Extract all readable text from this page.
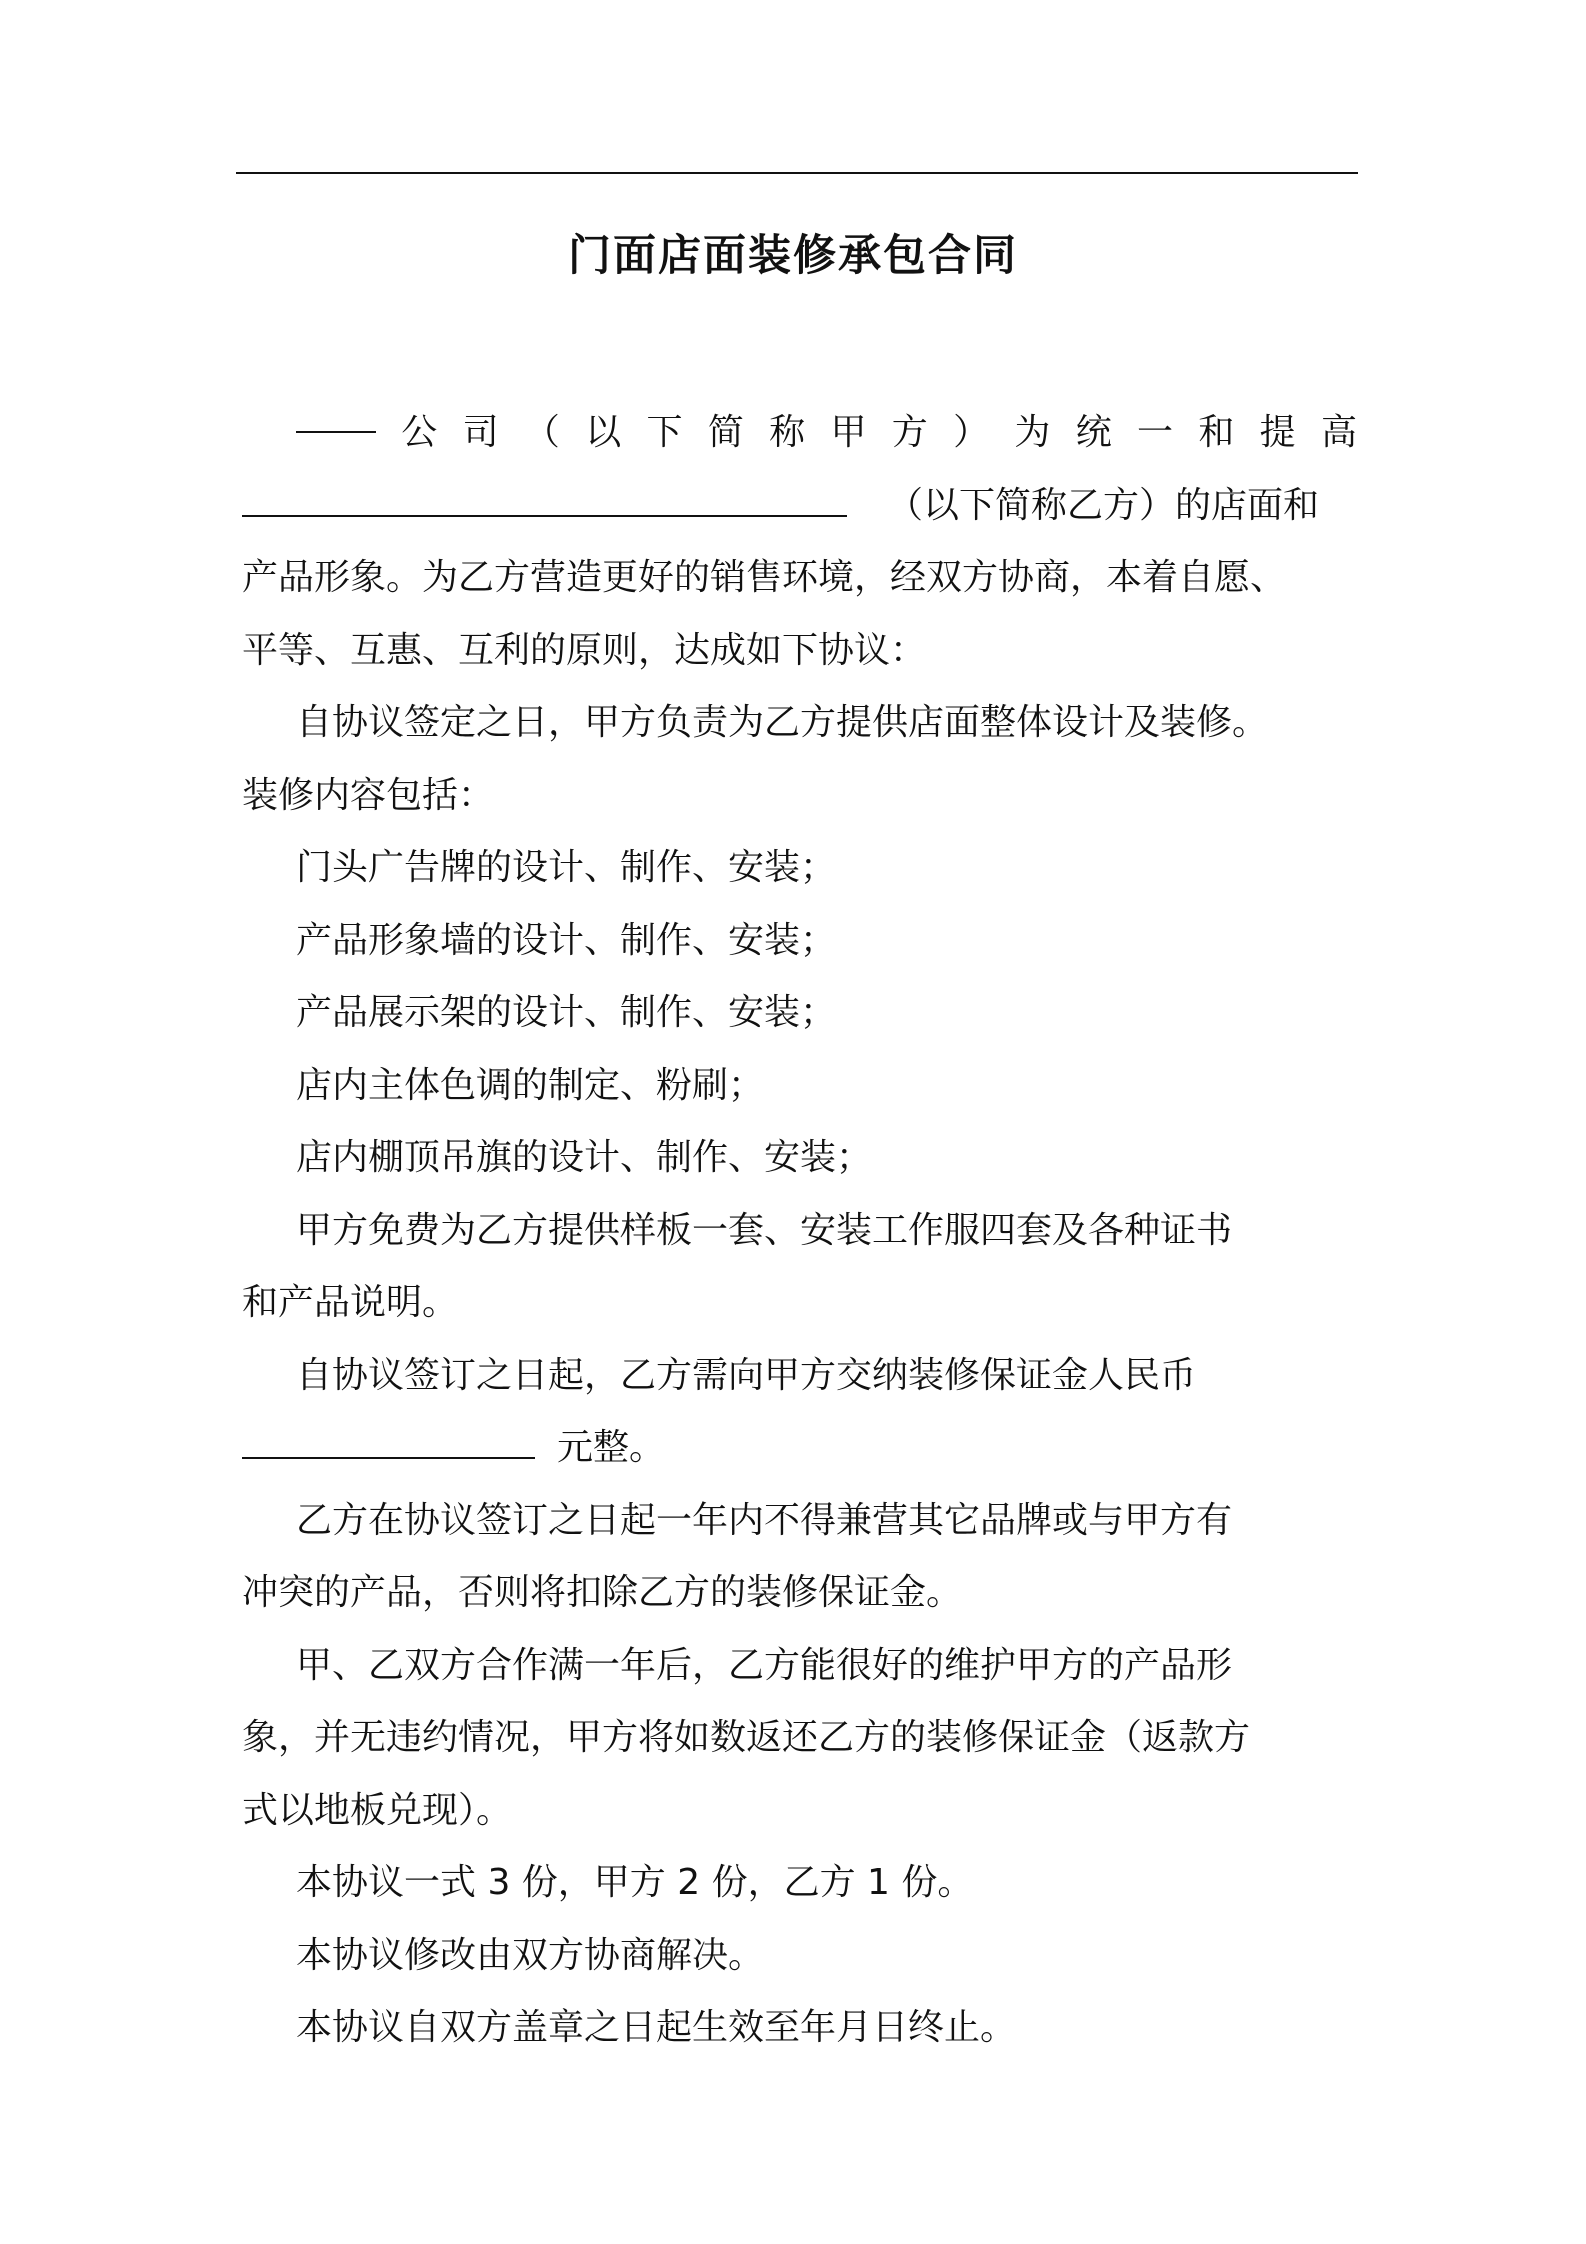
门面店面装修承包合同
公 司 （ 以 下 简 称 甲 方 ） 为 统 一 和 提 高
（以下简称乙方）的店面和
产品形象。为乙方营造更好的销售环境，经双方协商，本着自愿、
平等、互惠、互利的原则，达成如下协议：
自协议签定之日，甲方负责为乙方提供店面整体设计及装修。
装修内容包括：
门头广告牌的设计、制作、安装；
产品形象墙的设计、制作、安装；
产品展示架的设计、制作、安装；
店内主体色调的制定、粉刷；
店内棚顶吊旗的设计、制作、安装；
甲方免费为乙方提供样板一套、安装工作服四套及各种证书
和产品说明。
自协议签订之日起，乙方需向甲方交纳装修保证金人民币
元整。
乙方在协议签订之日起一年内不得兼营其它品牌或与甲方有
冲突的产品，否则将扣除乙方的装修保证金。
甲、乙双方合作满一年后，乙方能很好的维护甲方的产品形
象，并无违约情况，甲方将如数返还乙方的装修保证金（返款方
式以地板兑现）。
本协议一式 3 份，甲方 2 份，乙方 1 份。
本协议修改由双方协商解决。
本协议自双方盖章之日起生效至年月日终止。
